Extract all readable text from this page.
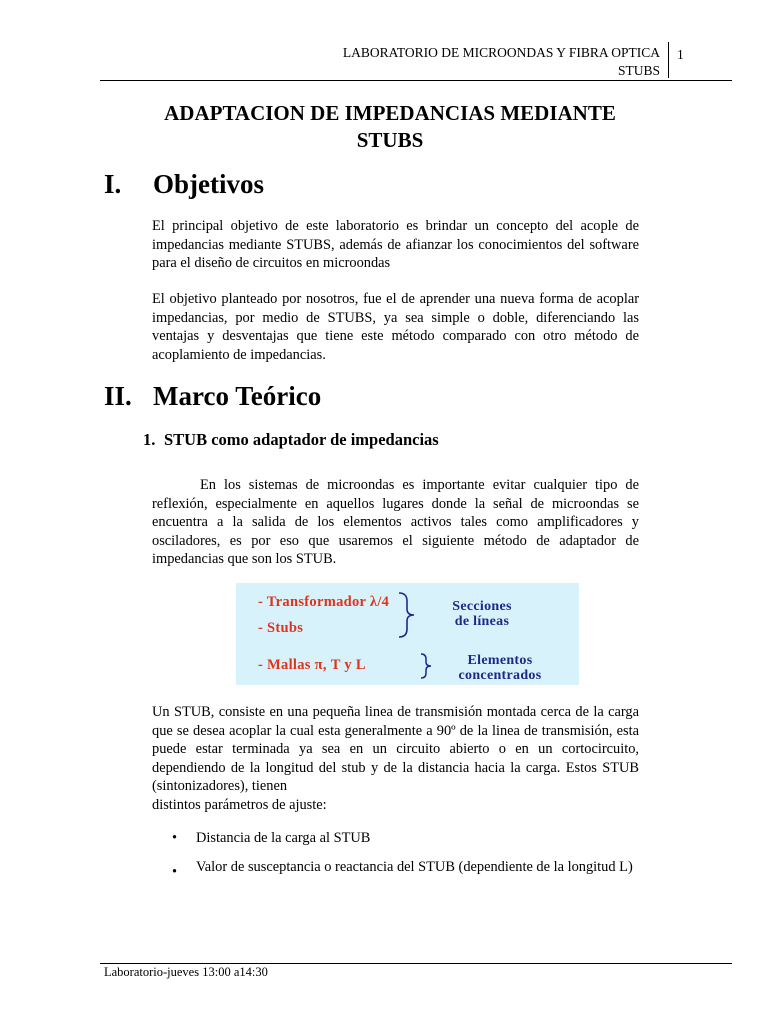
LABORATORIO DE MICROONDAS Y FIBRA OPTICA
STUBS
1
ADAPTACION DE IMPEDANCIAS MEDIANTE
STUBS
I. Objetivos
El principal objetivo de este laboratorio es brindar un concepto del acople de impedancias mediante STUBS, además de afianzar los conocimientos del software para el diseño de circuitos en microondas
El objetivo planteado por nosotros, fue el de aprender una nueva forma de acoplar impedancias, por medio de STUBS, ya sea simple o doble, diferenciando las ventajas y desventajas que tiene este método comparado con otro método de acoplamiento de impedancias.
II. Marco Teórico
1. STUB como adaptador de impedancias
En los sistemas de microondas es importante evitar cualquier tipo de reflexión, especialmente en aquellos lugares donde la señal de microondas se encuentra a la salida de los elementos activos tales como amplificadores y osciladores, es por eso que usaremos el siguiente método de adaptador de impedancias que son los STUB.
- Transformador λ/4
- Stubs
- Mallas π, T y L
Secciones
de líneas
Elementos
concentrados
Un STUB, consiste en una pequeña linea de transmisión montada cerca de la carga que se desea acoplar la cual esta generalmente a 90º de la linea de transmisión, esta puede estar terminada ya sea en un circuito abierto o en un cortocircuito, dependiendo de la longitud del stub y de la distancia hacia la carga. Estos STUB (sintonizadores), tienen
distintos parámetros de ajuste:
• Distancia de la carga al STUB
• Valor de susceptancia o reactancia del STUB (dependiente de la longitud L)
Laboratorio-jueves 13:00 a14:30
